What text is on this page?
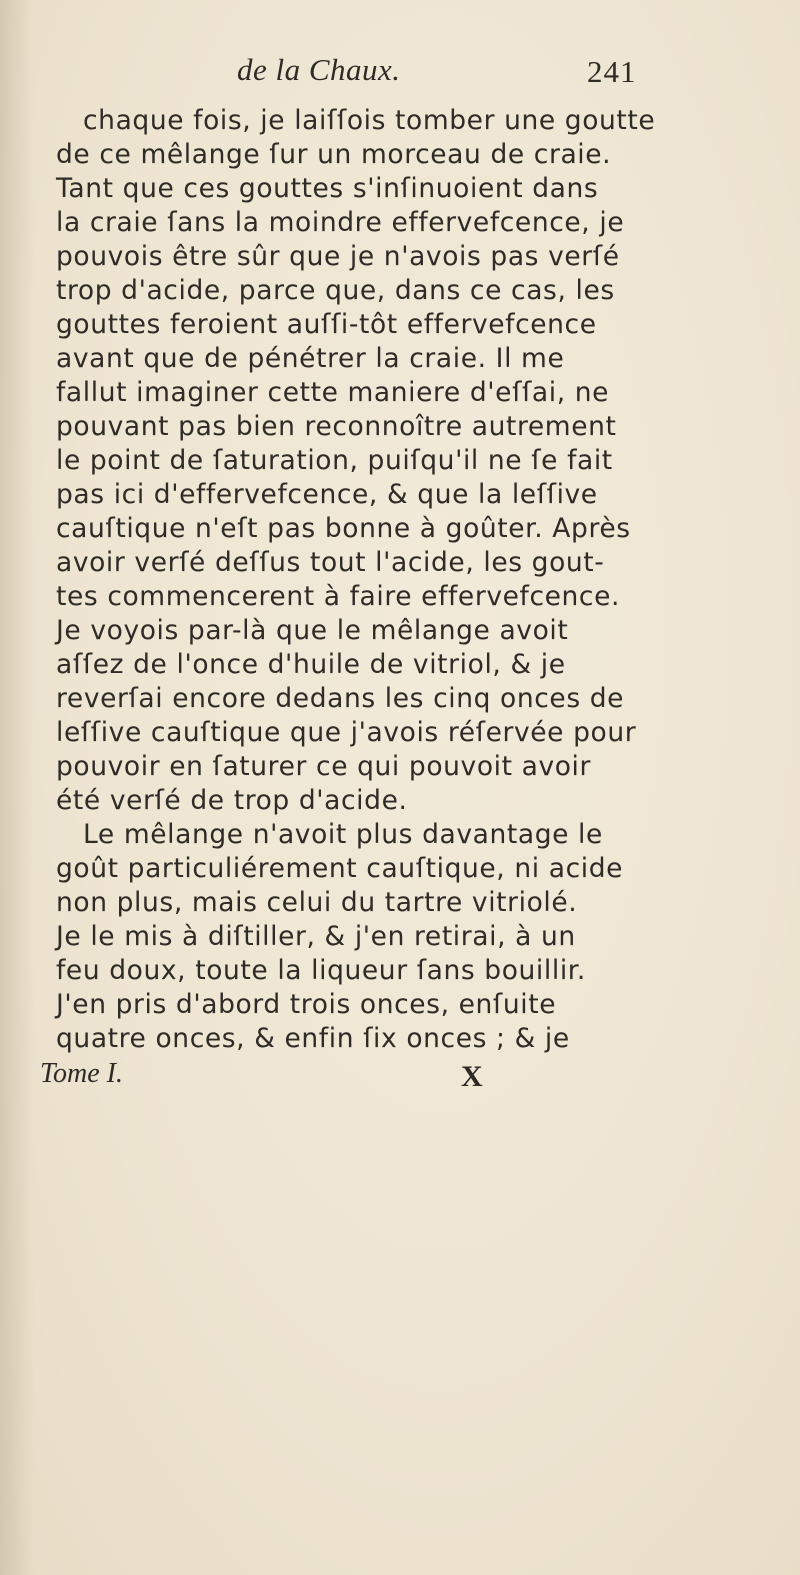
de la Chaux.	241
chaque fois, je laiſſois tomber une goutte
de ce mêlange ſur un morceau de craie.
Tant que ces gouttes s'inſinuoient dans
la craie ſans la moindre effervefcence, je
pouvois être sûr que je n'avois pas verſé
trop d'acide, parce que, dans ce cas, les
gouttes feroient auſſi-tôt effervefcence
avant que de pénétrer la craie. Il me
fallut imaginer cette maniere d'eſſai, ne
pouvant pas bien reconnoître autrement
le point de ſaturation, puiſqu'il ne ſe fait
pas ici d'effervefcence, & que la leſſive
cauſtique n'eſt pas bonne à goûter. Après
avoir verſé deſſus tout l'acide, les gout-
tes commencerent à faire effervefcence.
Je voyois par-là que le mêlange avoit
aſſez de l'once d'huile de vitriol, & je
reverſai encore dedans les cinq onces de
leſſive cauſtique que j'avois réſervée pour
pouvoir en ſaturer ce qui pouvoit avoir
été verſé de trop d'acide.
Le mêlange n'avoit plus davantage le
goût particuliérement cauſtique, ni acide
non plus, mais celui du tartre vitriolé.
Je le mis à diſtiller, & j'en retirai, à un
feu doux, toute la liqueur ſans bouillir.
J'en pris d'abord trois onces, enſuite
quatre onces, & enfin ſix onces ; & je
Tome I.	X
